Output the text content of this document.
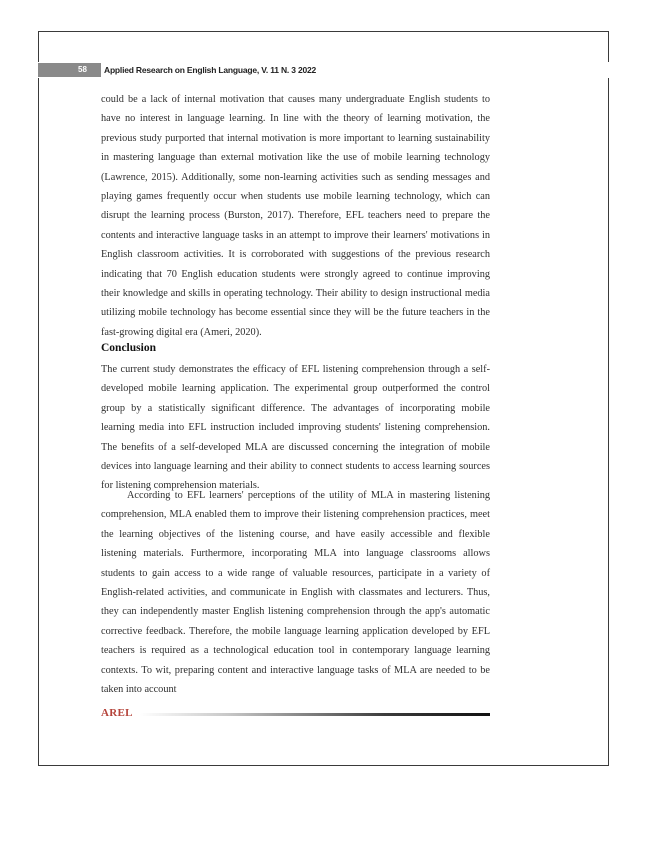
58 Applied Research on English Language, V. 11 N. 3 2022
could be a lack of internal motivation that causes many undergraduate English students to have no interest in language learning. In line with the theory of learning motivation, the previous study purported that internal motivation is more important to learning sustainability in mastering language than external motivation like the use of mobile learning technology (Lawrence, 2015). Additionally, some non-learning activities such as sending messages and playing games frequently occur when students use mobile learning technology, which can disrupt the learning process (Burston, 2017). Therefore, EFL teachers need to prepare the contents and interactive language tasks in an attempt to improve their learners' motivations in English classroom activities. It is corroborated with suggestions of the previous research indicating that 70 English education students were strongly agreed to continue improving their knowledge and skills in operating technology. Their ability to design instructional media utilizing mobile technology has become essential since they will be the future teachers in the fast-growing digital era (Ameri, 2020).
Conclusion
The current study demonstrates the efficacy of EFL listening comprehension through a self-developed mobile learning application. The experimental group outperformed the control group by a statistically significant difference. The advantages of incorporating mobile learning media into EFL instruction included improving students' listening comprehension. The benefits of a self-developed MLA are discussed concerning the integration of mobile devices into language learning and their ability to connect students to access learning sources for listening comprehension materials.
According to EFL learners' perceptions of the utility of MLA in mastering listening comprehension, MLA enabled them to improve their listening comprehension practices, meet the learning objectives of the listening course, and have easily accessible and flexible listening materials. Furthermore, incorporating MLA into language classrooms allows students to gain access to a wide range of valuable resources, participate in a variety of English-related activities, and communicate in English with classmates and lecturers. Thus, they can independently master English listening comprehension through the app's automatic corrective feedback. Therefore, the mobile language learning application developed by EFL teachers is required as a technological education tool in contemporary language learning contexts. To wit, preparing content and interactive language tasks of MLA are needed to be taken into account
AREL
